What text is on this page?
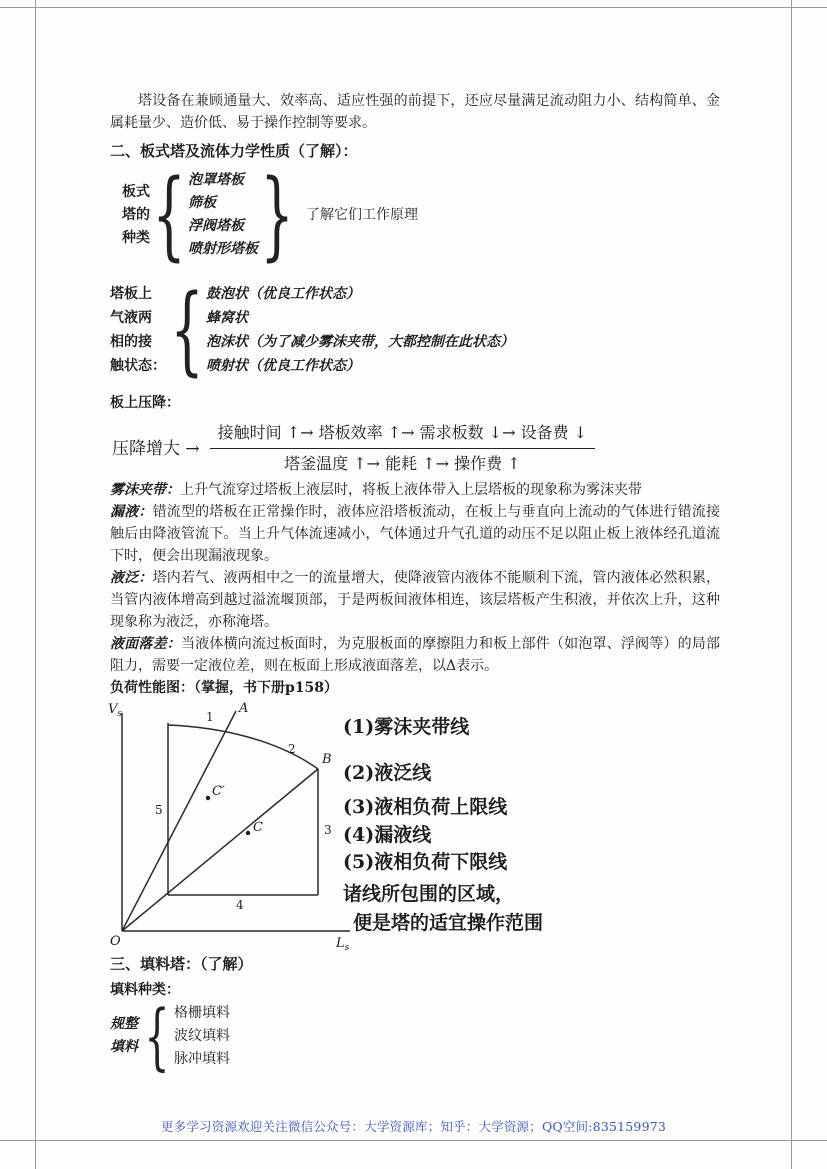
塔设备在兼顾通量大、效率高、适应性强的前提下，还应尽量满足流动阻力小、结构简单、金属耗量少、造价低、易于操作控制等要求。

二、板式塔及流体力学性质（了解）：
板式
塔的
种类 { 泡罩塔板
筛板
浮阀塔板
喷射形塔板 } 了解它们工作原理
塔板上
气液两
相的接
触状态： { 鼓泡状（优良工作状态）
蜂窝状
泡沫状（为了减少雾沫夹带，大都控制在此状态）
喷射状（优良工作状态）
板上压降：
压降增大 → $\frac{\text{接触时间 ↑→ 塔板效率 ↑→ 需求板数 ↓→ 设备费 ↓}}{\text{塔釜温度 ↑→ 能耗 ↑→ 操作费 ↑}}$

雾沫夹带：上升气流穿过塔板上液层时，将板上液体带入上层塔板的现象称为雾沫夹带

漏液：错流型的塔板在正常操作时，液体应沿塔板流动，在板上与垂直向上流动的气体进行错流接触后由降液管流下。当上升气体流速减小，气体通过升气孔道的动压不足以阻止板上液体经孔道流下时，便会出现漏液现象。

液泛：塔内若气、液两相中之一的流量增大，使降液管内液体不能顺利下流，管内液体必然积累，当管内液体增高到越过溢流堰顶部，于是两板间液体相连，该层塔板产生积液，并依次上升，这种现象称为液泛，亦称淹塔。

液面落差：当液体横向流过板面时，为克服板面的摩擦阻力和板上部件（如泡罩、浮阀等）的局部阻力，需要一定液位差，则在板面上形成液面落差，以Δ表示。

负荷性能图：（掌握，书下册p158）
$V_s$
$L_s$
O
A
B
C
C′
1
2
3
4
5
(1)雾沫夹带线
(2)液泛线
(3)液相负荷上限线
(4)漏液线
(5)液相负荷下限线
诸线所包围的区域，
便是塔的适宜操作范围
三、填料塔：（了解）
填料种类：
规整
填料 { 格栅填料
波纹填料
脉冲填料
更多学习资源欢迎关注微信公众号：大学资源库；知乎：大学资源；QQ空间:835159973
